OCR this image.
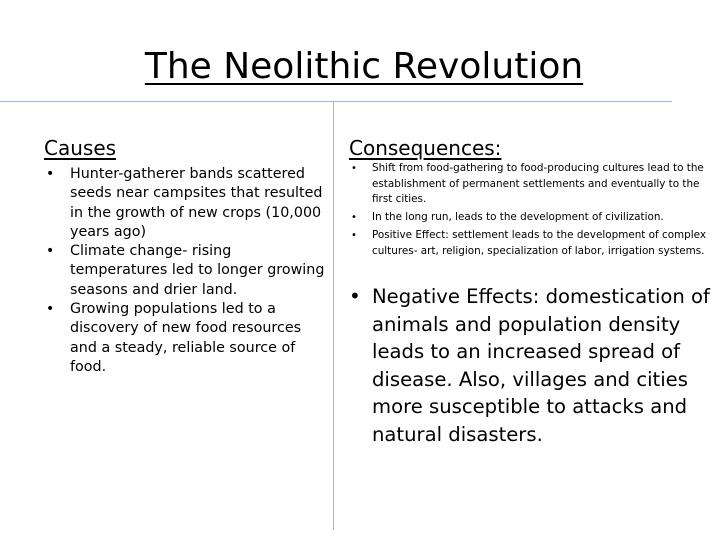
The Neolithic Revolution
Causes
• Hunter-gatherer bands scattered seeds near campsites that resulted in the growth of new crops (10,000 years ago)
• Climate change- rising temperatures led to longer growing seasons and drier land.
• Growing populations led to a discovery of new food resources and a steady, reliable source of food.
Consequences:
• Shift from food-gathering to food-producing cultures lead to the establishment of permanent settlements and eventually to the first cities.
• In the long run, leads to the development of civilization.
• Positive Effect: settlement leads to the development of complex cultures- art, religion, specialization of labor, irrigation systems.
• Negative Effects: domestication of animals and population density leads to an increased spread of disease. Also, villages and cities more susceptible to attacks and natural disasters.
